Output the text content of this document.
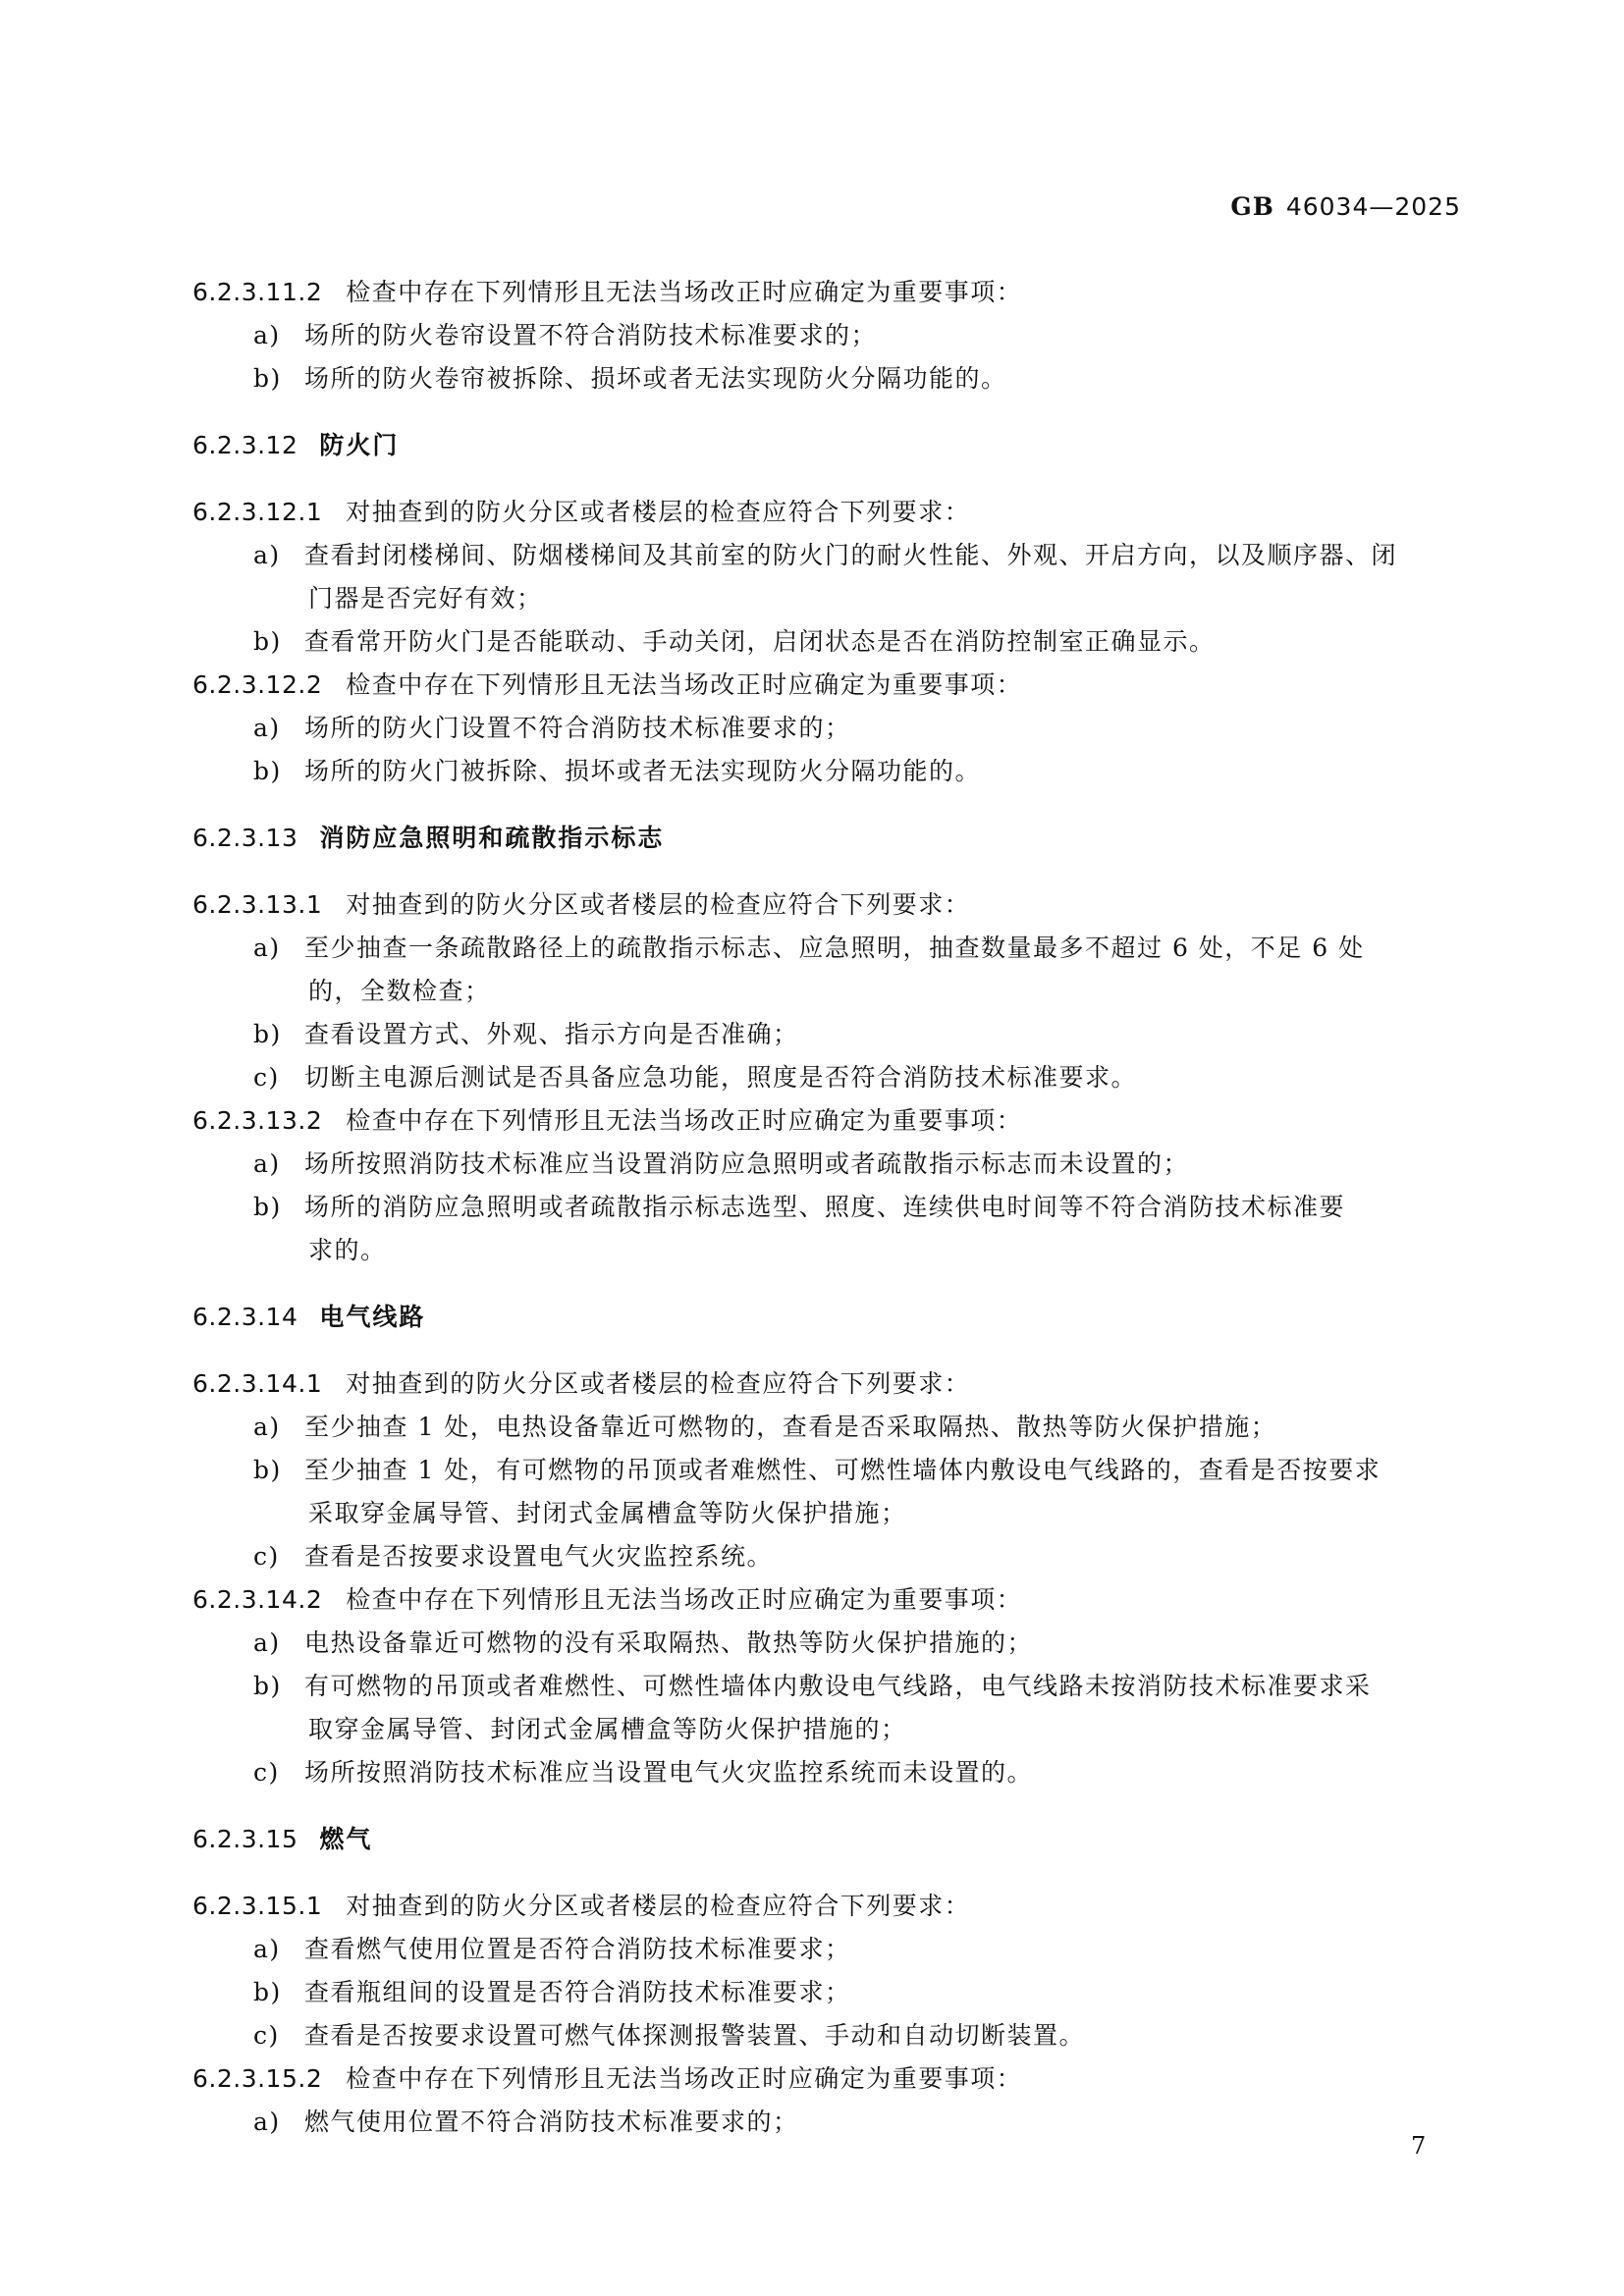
GB 46034—2025
6.2.3.11.2 检查中存在下列情形且无法当场改正时应确定为重要事项：
a) 场所的防火卷帘设置不符合消防技术标准要求的；
b) 场所的防火卷帘被拆除、损坏或者无法实现防火分隔功能的。
6.2.3.12 防火门
6.2.3.12.1 对抽查到的防火分区或者楼层的检查应符合下列要求：
a) 查看封闭楼梯间、防烟楼梯间及其前室的防火门的耐火性能、外观、开启方向，以及顺序器、闭
门器是否完好有效；
b) 查看常开防火门是否能联动、手动关闭，启闭状态是否在消防控制室正确显示。
6.2.3.12.2 检查中存在下列情形且无法当场改正时应确定为重要事项：
a) 场所的防火门设置不符合消防技术标准要求的；
b) 场所的防火门被拆除、损坏或者无法实现防火分隔功能的。
6.2.3.13 消防应急照明和疏散指示标志
6.2.3.13.1 对抽查到的防火分区或者楼层的检查应符合下列要求：
a) 至少抽查一条疏散路径上的疏散指示标志、应急照明，抽查数量最多不超过 6 处，不足 6 处
的，全数检查；
b) 查看设置方式、外观、指示方向是否准确；
c) 切断主电源后测试是否具备应急功能，照度是否符合消防技术标准要求。
6.2.3.13.2 检查中存在下列情形且无法当场改正时应确定为重要事项：
a) 场所按照消防技术标准应当设置消防应急照明或者疏散指示标志而未设置的；
b) 场所的消防应急照明或者疏散指示标志选型、照度、连续供电时间等不符合消防技术标准要
求的。
6.2.3.14 电气线路
6.2.3.14.1 对抽查到的防火分区或者楼层的检查应符合下列要求：
a) 至少抽查 1 处，电热设备靠近可燃物的，查看是否采取隔热、散热等防火保护措施；
b) 至少抽查 1 处，有可燃物的吊顶或者难燃性、可燃性墙体内敷设电气线路的，查看是否按要求
采取穿金属导管、封闭式金属槽盒等防火保护措施；
c) 查看是否按要求设置电气火灾监控系统。
6.2.3.14.2 检查中存在下列情形且无法当场改正时应确定为重要事项：
a) 电热设备靠近可燃物的没有采取隔热、散热等防火保护措施的；
b) 有可燃物的吊顶或者难燃性、可燃性墙体内敷设电气线路，电气线路未按消防技术标准要求采
取穿金属导管、封闭式金属槽盒等防火保护措施的；
c) 场所按照消防技术标准应当设置电气火灾监控系统而未设置的。
6.2.3.15 燃气
6.2.3.15.1 对抽查到的防火分区或者楼层的检查应符合下列要求：
a) 查看燃气使用位置是否符合消防技术标准要求；
b) 查看瓶组间的设置是否符合消防技术标准要求；
c) 查看是否按要求设置可燃气体探测报警装置、手动和自动切断装置。
6.2.3.15.2 检查中存在下列情形且无法当场改正时应确定为重要事项：
a) 燃气使用位置不符合消防技术标准要求的；
7
